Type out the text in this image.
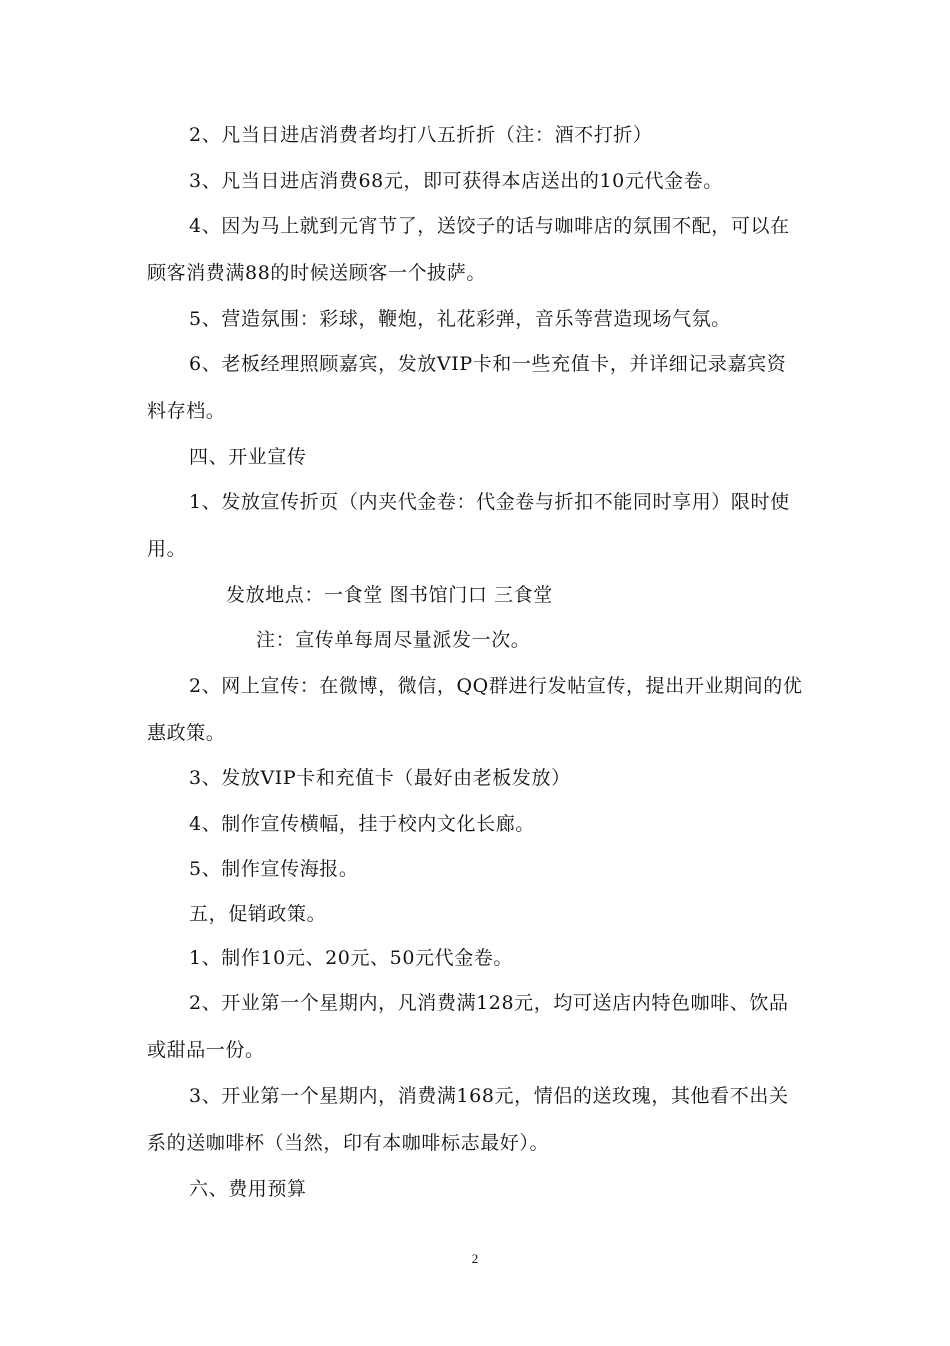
2、凡当日进店消费者均打八五折折（注：酒不打折）
3、凡当日进店消费68元，即可获得本店送出的10元代金卷。
4、因为马上就到元宵节了，送饺子的话与咖啡店的氛围不配，可以在
顾客消费满88的时候送顾客一个披萨。
5、营造氛围：彩球，鞭炮，礼花彩弹，音乐等营造现场气氛。
6、老板经理照顾嘉宾，发放VIP卡和一些充值卡，并详细记录嘉宾资
料存档。
四、开业宣传
1、发放宣传折页（内夹代金卷：代金卷与折扣不能同时享用）限时使
用。
发放地点：一食堂 图书馆门口 三食堂
注：宣传单每周尽量派发一次。
2、网上宣传：在微博，微信，QQ群进行发帖宣传，提出开业期间的优
惠政策。
3、发放VIP卡和充值卡（最好由老板发放）
4、制作宣传横幅，挂于校内文化长廊。
5、制作宣传海报。
五，促销政策。
1、制作10元、20元、50元代金卷。
2、开业第一个星期内，凡消费满128元，均可送店内特色咖啡、饮品
或甜品一份。
3、开业第一个星期内，消费满168元，情侣的送玫瑰，其他看不出关
系的送咖啡杯（当然，印有本咖啡标志最好）。
六、费用预算
2
